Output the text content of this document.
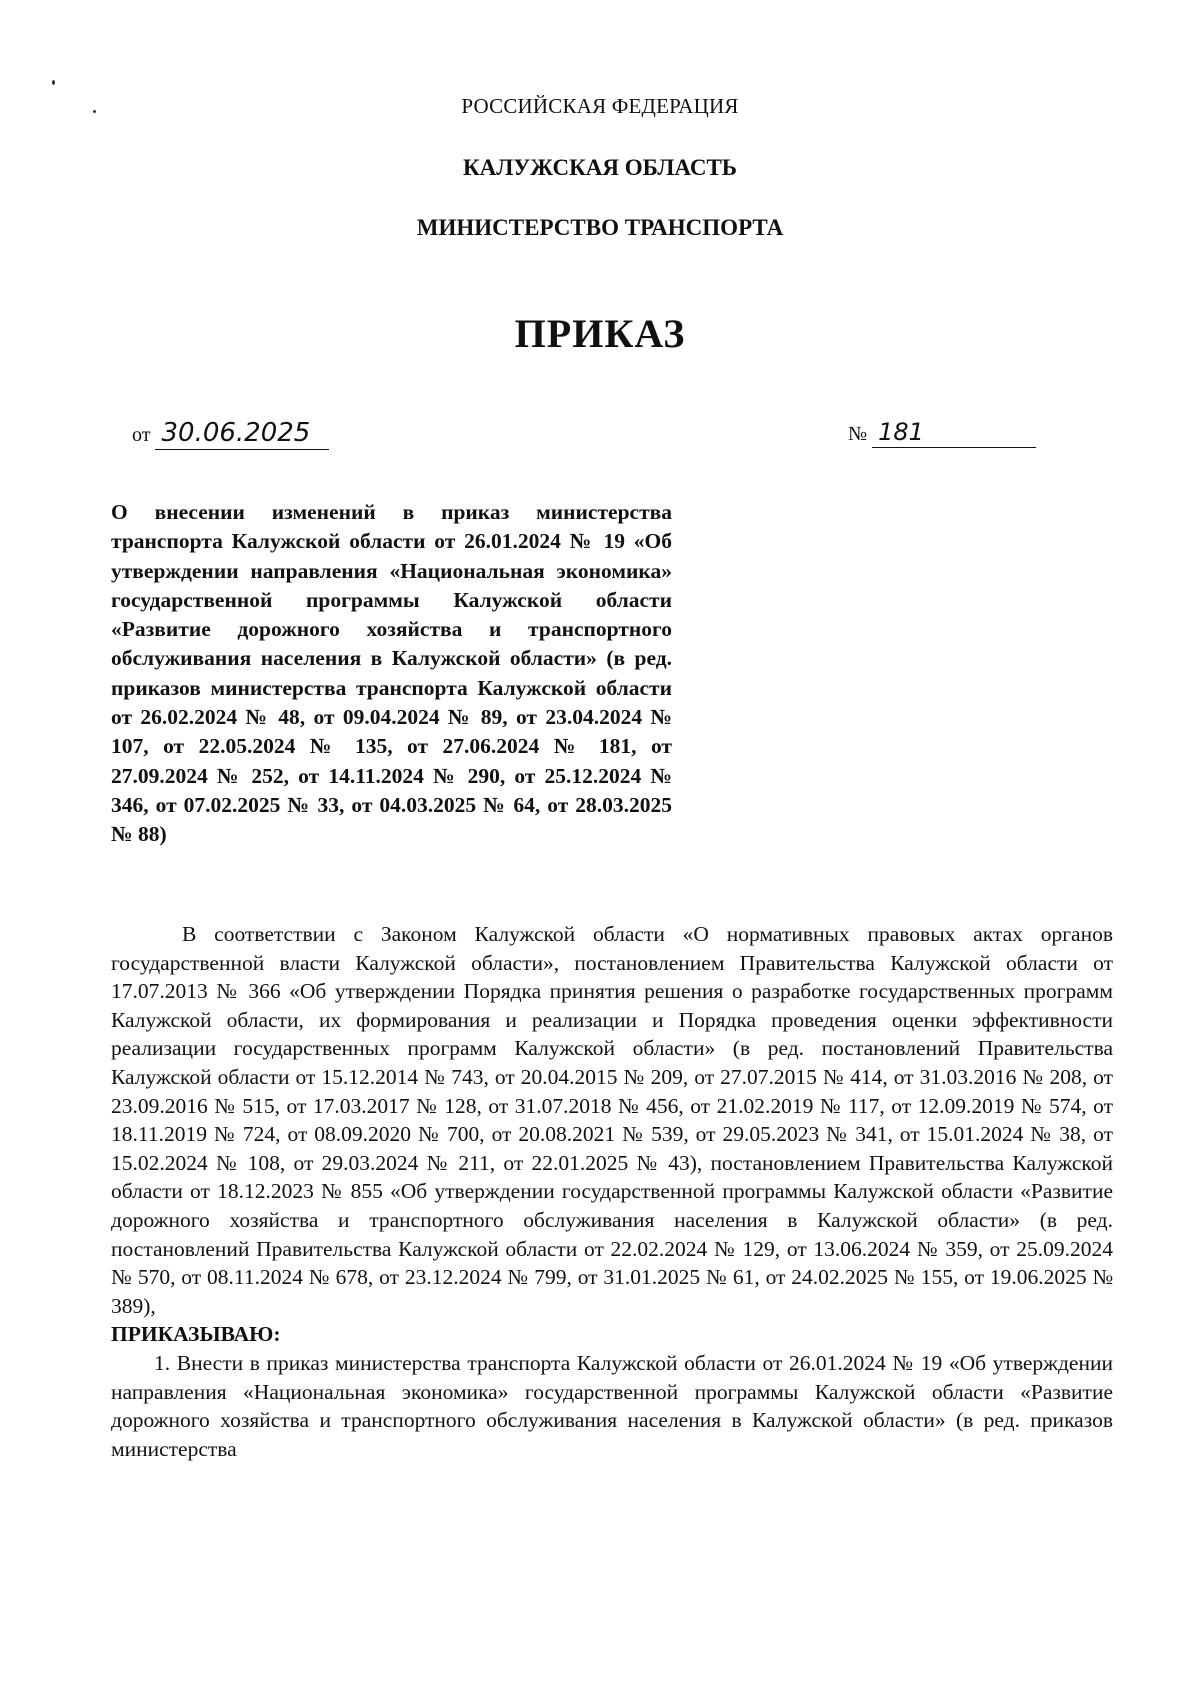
РОССИЙСКАЯ ФЕДЕРАЦИЯ
КАЛУЖСКАЯ ОБЛАСТЬ
МИНИСТЕРСТВО ТРАНСПОРТА
ПРИКАЗ
от 30.06.2025	№ 181
О внесении изменений в приказ министерства транспорта Калужской области от 26.01.2024 № 19 «Об утверждении направления «Национальная экономика» государственной программы Калужской области «Развитие дорожного хозяйства и транспортного обслуживания населения в Калужской области» (в ред. приказов министерства транспорта Калужской области от 26.02.2024 № 48, от 09.04.2024 № 89, от 23.04.2024 № 107, от 22.05.2024 № 135, от 27.06.2024 № 181, от 27.09.2024 № 252, от 14.11.2024 № 290, от 25.12.2024 № 346, от 07.02.2025 № 33, от 04.03.2025 № 64, от 28.03.2025 № 88)

В соответствии с Законом Калужской области «О нормативных правовых актах органов государственной власти Калужской области», постановлением Правительства Калужской области от 17.07.2013 № 366 «Об утверждении Порядка принятия решения о разработке государственных программ Калужской области, их формирования и реализации и Порядка проведения оценки эффективности реализации государственных программ Калужской области» (в ред. постановлений Правительства Калужской области от 15.12.2014 № 743, от 20.04.2015 № 209, от 27.07.2015 № 414, от 31.03.2016 № 208, от 23.09.2016 № 515, от 17.03.2017 № 128, от 31.07.2018 № 456, от 21.02.2019 № 117, от 12.09.2019 № 574, от 18.11.2019 № 724, от 08.09.2020 № 700, от 20.08.2021 № 539, от 29.05.2023 № 341, от 15.01.2024 № 38, от 15.02.2024 № 108, от 29.03.2024 № 211, от 22.01.2025 № 43), постановлением Правительства Калужской области от 18.12.2023 № 855 «Об утверждении государственной программы Калужской области «Развитие дорожного хозяйства и транспортного обслуживания населения в Калужской области» (в ред. постановлений Правительства Калужской области от 22.02.2024 № 129, от 13.06.2024 № 359, от 25.09.2024 № 570, от 08.11.2024 № 678, от 23.12.2024 № 799, от 31.01.2025 № 61, от 24.02.2025 № 155, от 19.06.2025 № 389),

ПРИКАЗЫВАЮ:

1. Внести в приказ министерства транспорта Калужской области от 26.01.2024 № 19 «Об утверждении направления «Национальная экономика» государственной программы Калужской области «Развитие дорожного хозяйства и транспортного обслуживания населения в Калужской области» (в ред. приказов министерства
